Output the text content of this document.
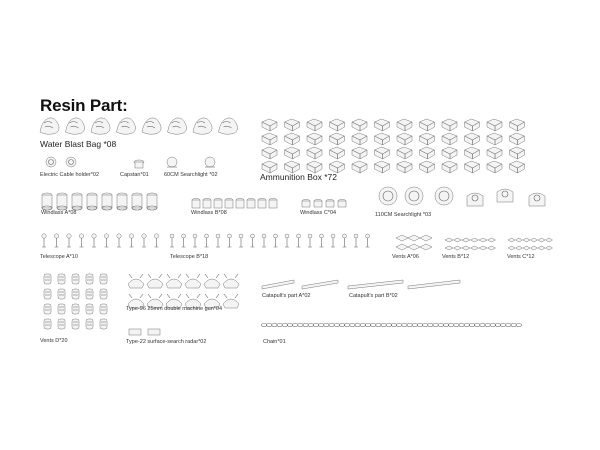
Resin Part:
Water Blast Bag *08
Electric Cable holder*02	Capstan*01	60CM Searchlight *02	Ammunition Box *72
Windlass A*08	Windlass B*08	Windlass C*04	110CM Searchlight *03
Telescope A*10	Telescope B*18	Vents A*06	Vents B*12	Vents C*12
Type-96 25mm double machine gun*04
Catapult's part A*02	Catapult's part B*02
Vents D*20	Type-22 surface-search radar*02	Chain*01
